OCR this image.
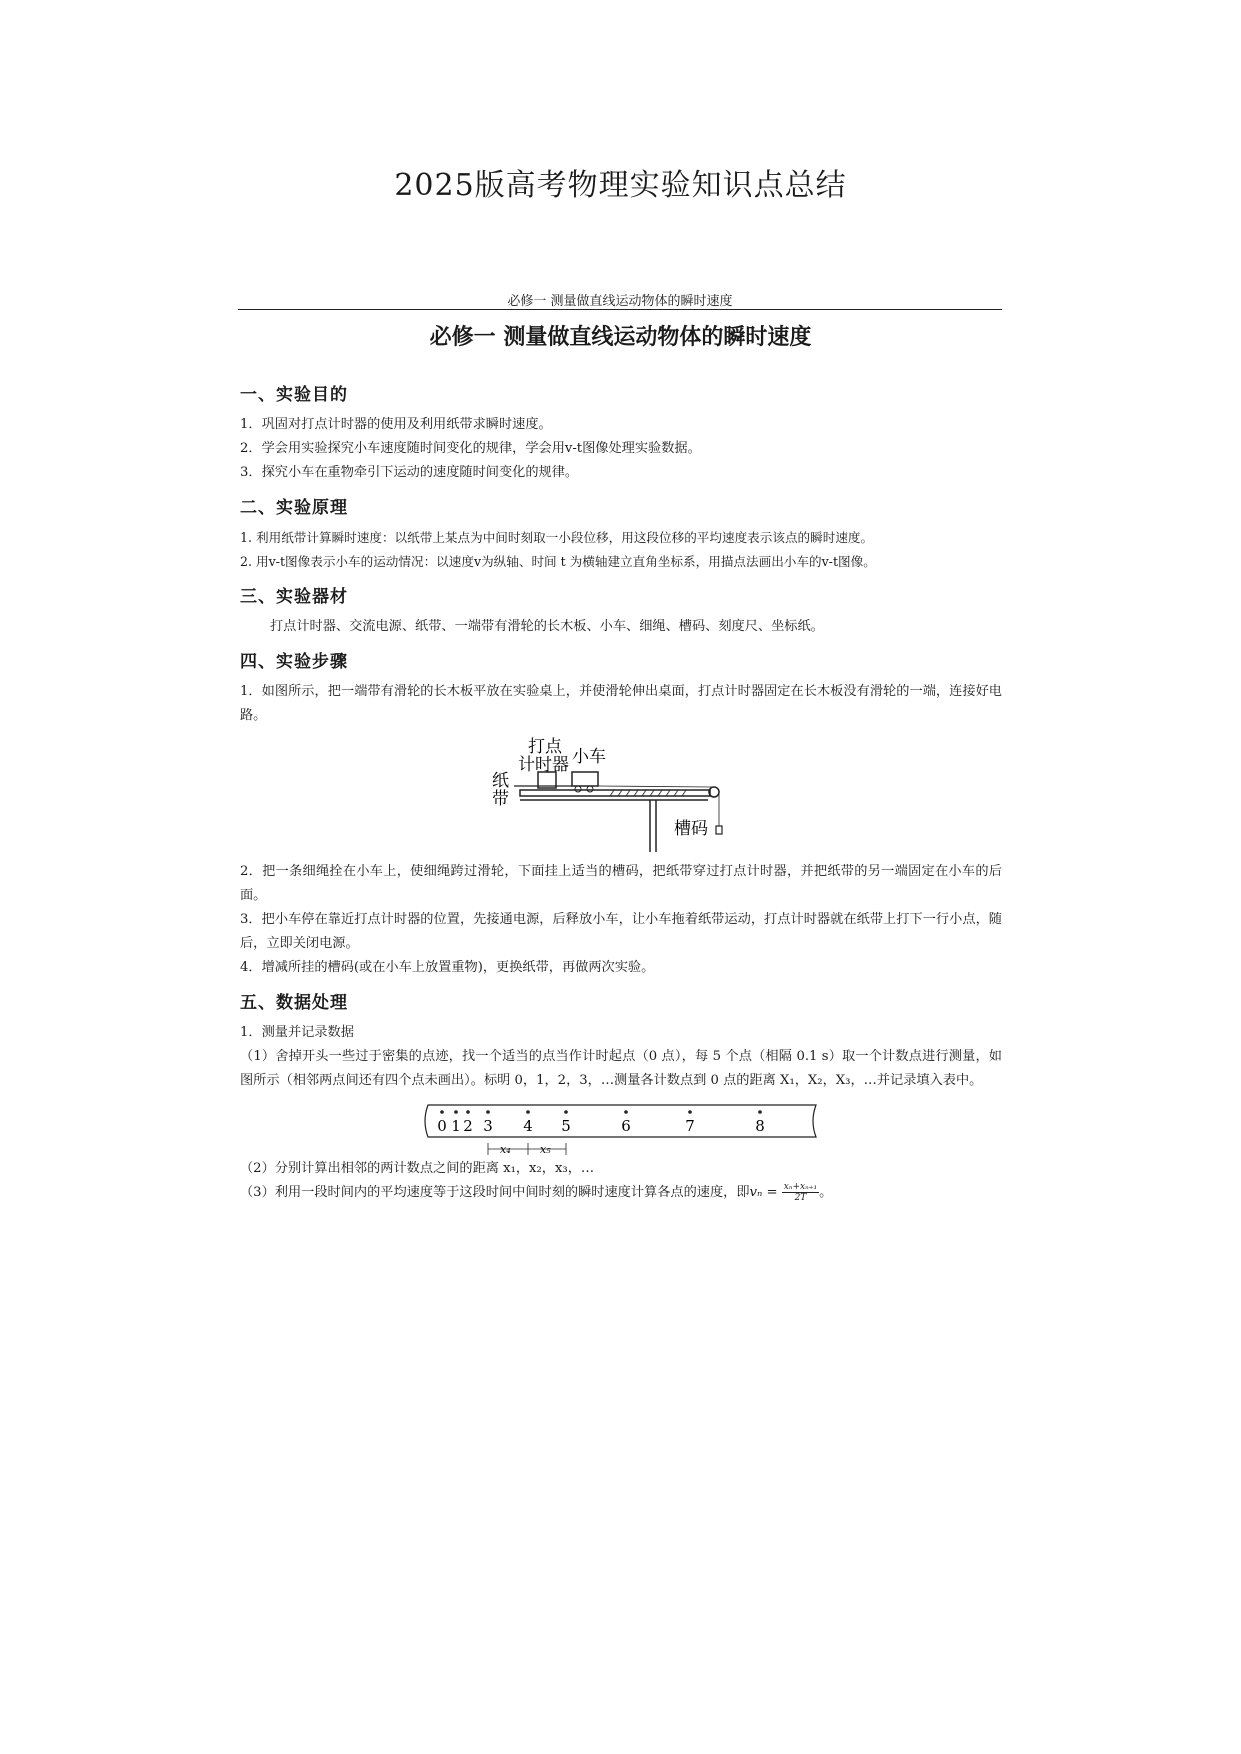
2025版高考物理实验知识点总结
必修一 测量做直线运动物体的瞬时速度
必修一 测量做直线运动物体的瞬时速度
一、实验目的

1．巩固对打点计时器的使用及利用纸带求瞬时速度。

2．学会用实验探究小车速度随时间变化的规律，学会用v-t图像处理实验数据。

3．探究小车在重物牵引下运动的速度随时间变化的规律。

二、实验原理

1. 利用纸带计算瞬时速度：以纸带上某点为中间时刻取一小段位移，用这段位移的平均速度表示该点的瞬时速度。

2. 用v-t图像表示小车的运动情况：以速度v为纵轴、时间 t 为横轴建立直角坐标系，用描点法画出小车的v-t图像。

三、实验器材

打点计时器、交流电源、纸带、一端带有滑轮的长木板、小车、细绳、槽码、刻度尺、坐标纸。

四、实验步骤

1．如图所示，把一端带有滑轮的长木板平放在实验桌上，并使滑轮伸出桌面，打点计时器固定在长木板没有滑轮的一端，连接好电路。

打点
计时器 小车
纸
带
槽码

2．把一条细绳拴在小车上，使细绳跨过滑轮，下面挂上适当的槽码，把纸带穿过打点计时器，并把纸带的另一端固定在小车的后面。

3．把小车停在靠近打点计时器的位置，先接通电源，后释放小车，让小车拖着纸带运动，打点计时器就在纸带上打下一行小点，随后，立即关闭电源。

4．增减所挂的槽码(或在小车上放置重物)，更换纸带，再做两次实验。

五、数据处理

1．测量并记录数据

（1）舍掉开头一些过于密集的点迹，找一个适当的点当作计时起点（0 点），每 5 个点（相隔 0.1 s）取一个计数点进行测量，如图所示（相邻两点间还有四个点未画出）。标明 0，1，2，3，…测量各计数点到 0 点的距离 X₁，X₂，X₃，…并记录填入表中。

0 1 2 3 4 5	6	7	8
x₄	x₅

（2）分别计算出相邻的两计数点之间的距离 x₁，x₂，x₃，…

（3）利用一段时间内的平均速度等于这段时间中间时刻的瞬时速度计算各点的速度，即$v_n = \frac{\text{xₙ+xₙ₊₁}}{2T}$ 。
